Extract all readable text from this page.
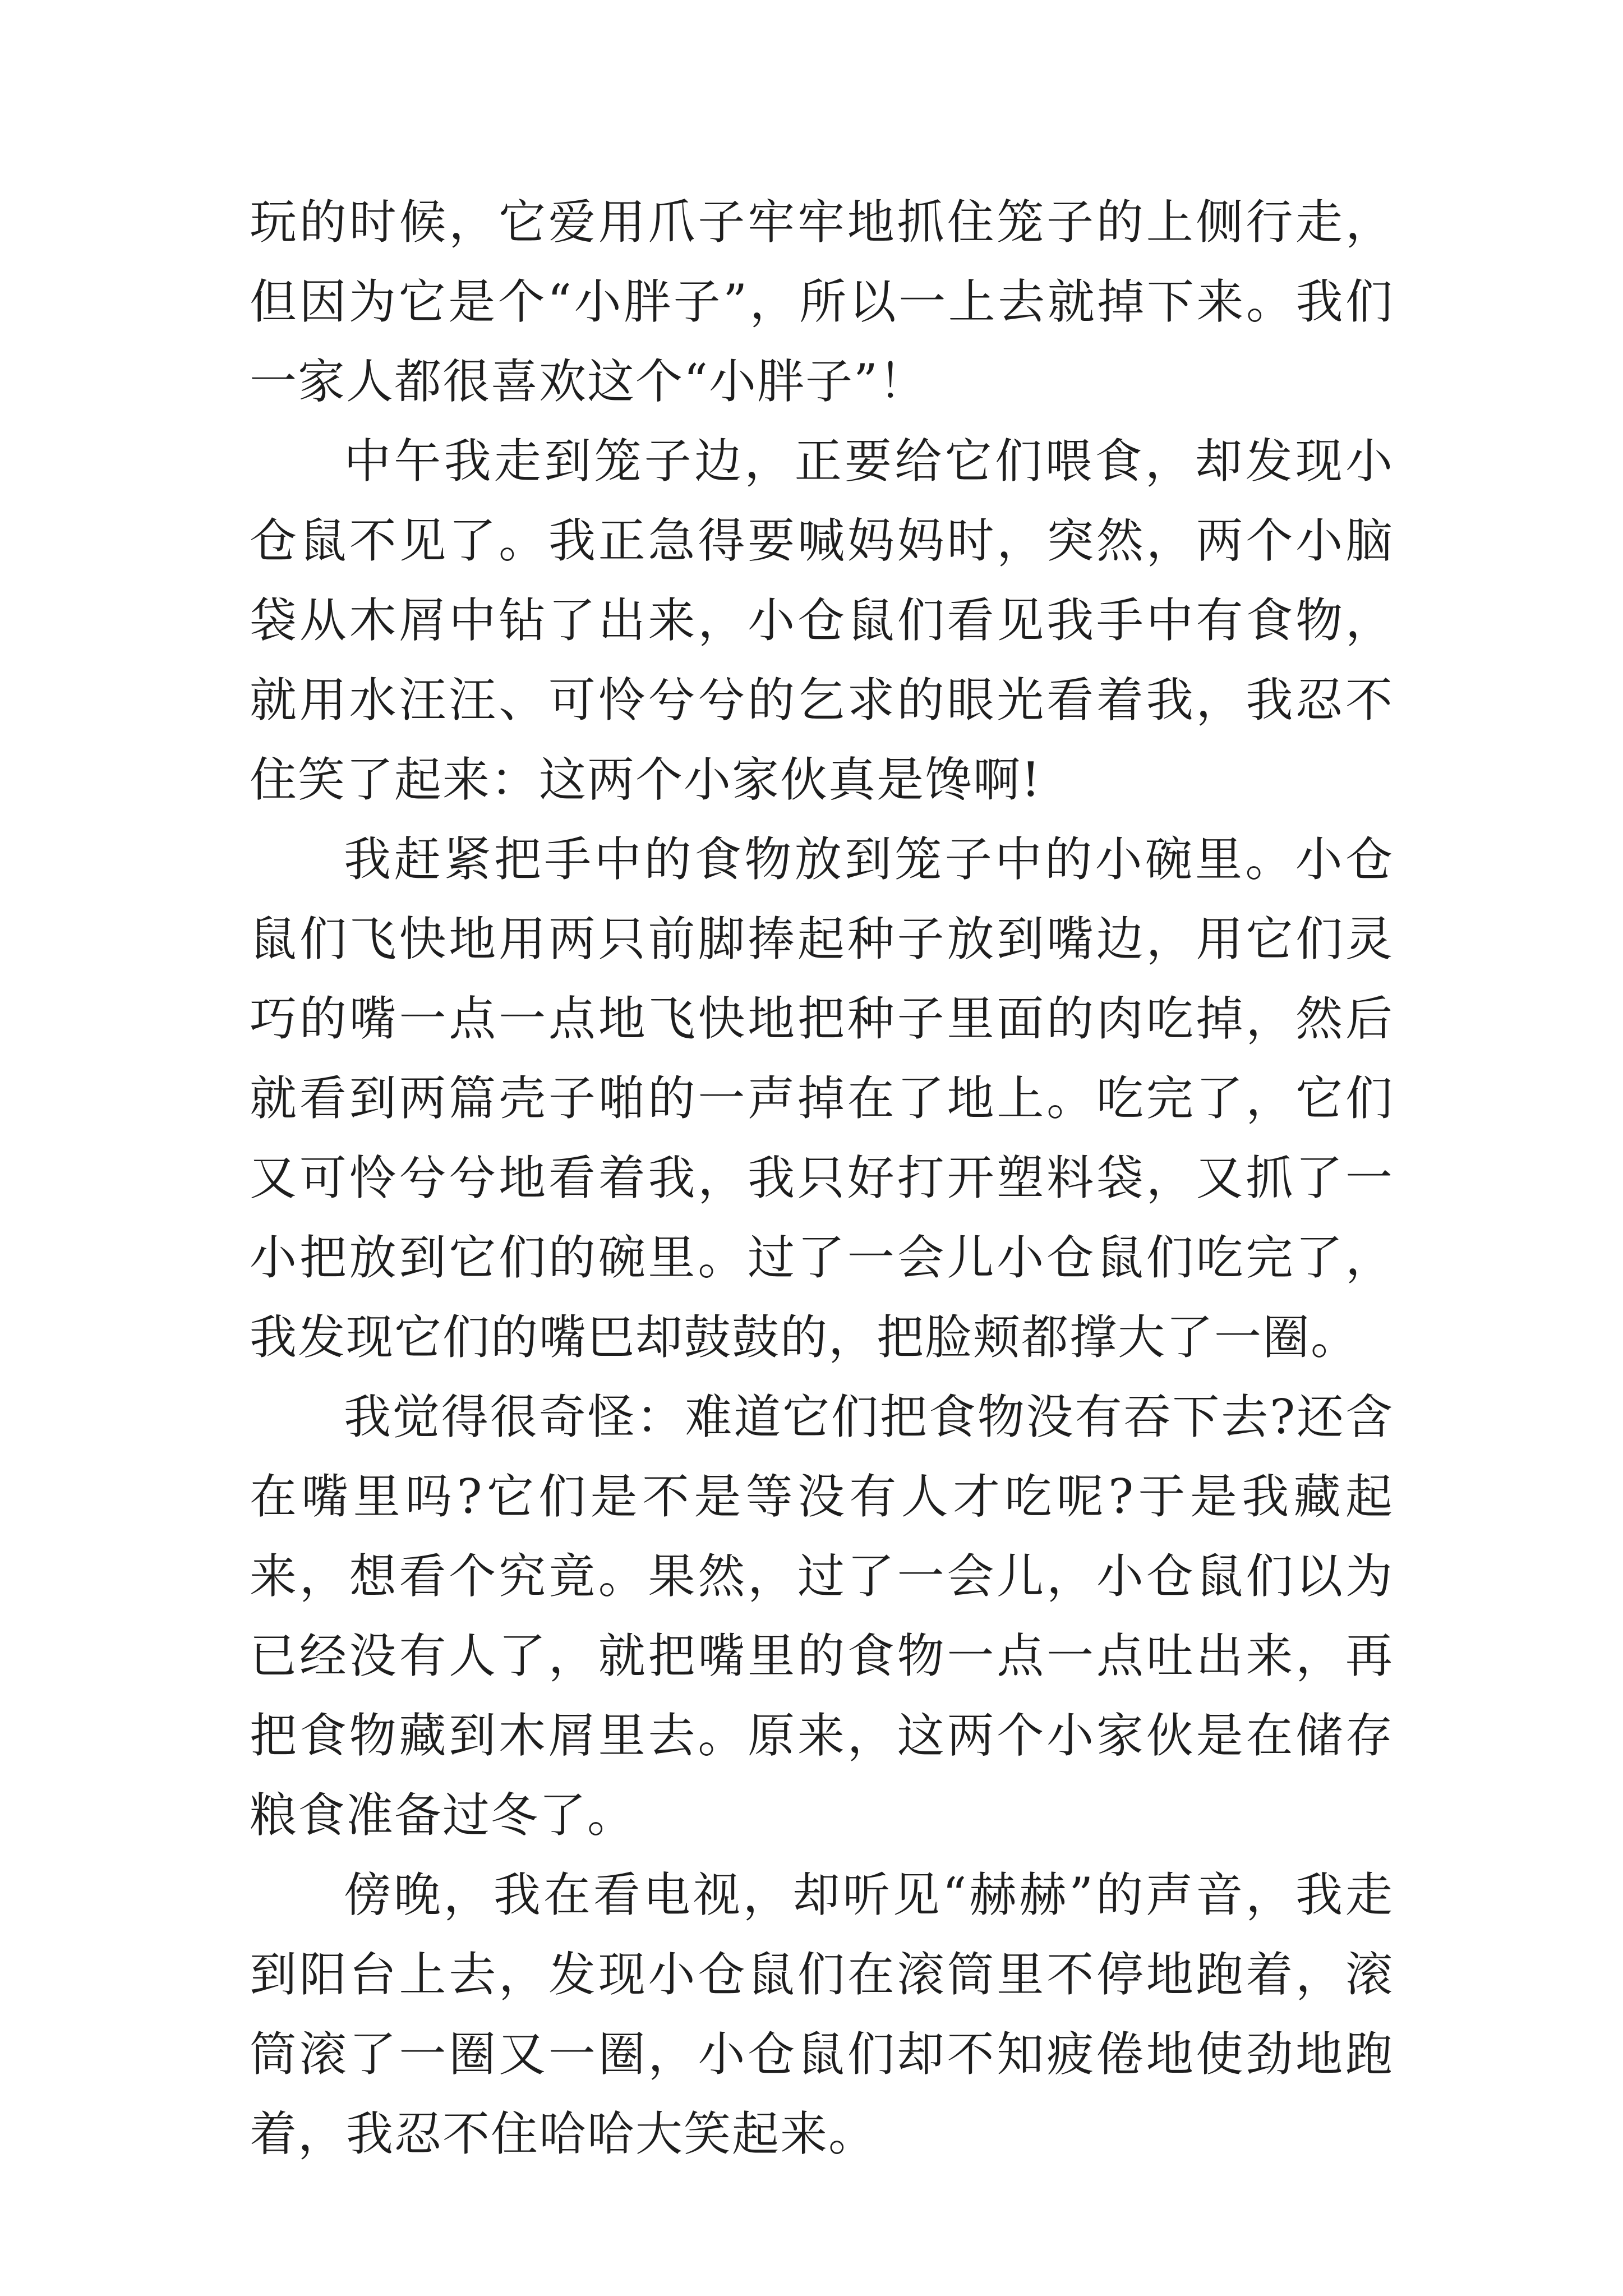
玩的时候，它爱用爪子牢牢地抓住笼子的上侧行走，但因为它是个“小胖子”，所以一上去就掉下来。我们一家人都很喜欢这个“小胖子”！

中午我走到笼子边，正要给它们喂食，却发现小仓鼠不见了。我正急得要喊妈妈时，突然，两个小脑袋从木屑中钻了出来，小仓鼠们看见我手中有食物，就用水汪汪、可怜兮兮的乞求的眼光看着我，我忍不住笑了起来：这两个小家伙真是馋啊!

我赶紧把手中的食物放到笼子中的小碗里。小仓鼠们飞快地用两只前脚捧起种子放到嘴边，用它们灵巧的嘴一点一点地飞快地把种子里面的肉吃掉，然后就看到两篇壳子啪的一声掉在了地上。吃完了，它们又可怜兮兮地看着我，我只好打开塑料袋，又抓了一小把放到它们的碗里。过了一会儿小仓鼠们吃完了，我发现它们的嘴巴却鼓鼓的，把脸颊都撑大了一圈。

我觉得很奇怪：难道它们把食物没有吞下去?还含在嘴里吗?它们是不是等没有人才吃呢?于是我藏起来，想看个究竟。果然，过了一会儿，小仓鼠们以为已经没有人了，就把嘴里的食物一点一点吐出来，再把食物藏到木屑里去。原来，这两个小家伙是在储存粮食准备过冬了。

傍晚，我在看电视，却听见“赫赫”的声音，我走到阳台上去，发现小仓鼠们在滚筒里不停地跑着，滚筒滚了一圈又一圈，小仓鼠们却不知疲倦地使劲地跑着，我忍不住哈哈大笑起来。
